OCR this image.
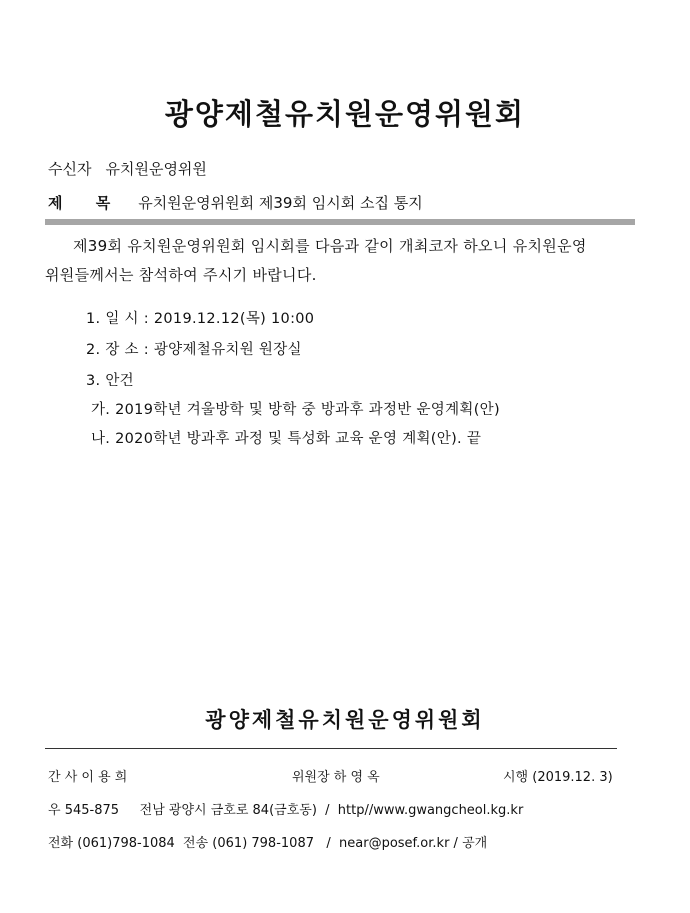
광양제철유치원운영위원회
수신자 유치원운영위원
제 목 유치원운영위원회 제39회 임시회 소집 통지
제39회 유치원운영위원회 임시회를 다음과 같이 개최코자 하오니 유치원운영
위원들께서는 참석하여 주시기 바랍니다.
1. 일 시 : 2019.12.12(목) 10:00
2. 장 소 : 광양제철유치원 원장실
3. 안건
가. 2019학년 겨울방학 및 방학 중 방과후 과정반 운영계획(안)
나. 2020학년 방과후 과정 및 특성화 교육 운영 계획(안). 끝
광양제철유치원운영위원회
간 사 이 용 희	위원장 하 영 옥	시행 (2019.12. 3)
우 545-875     전남 광양시 금호로 84(금호동)  /  http//www.gwangcheol.kg.kr
전화 (061)798-1084  전송 (061) 798-1087   /  near@posef.or.kr / 공개
